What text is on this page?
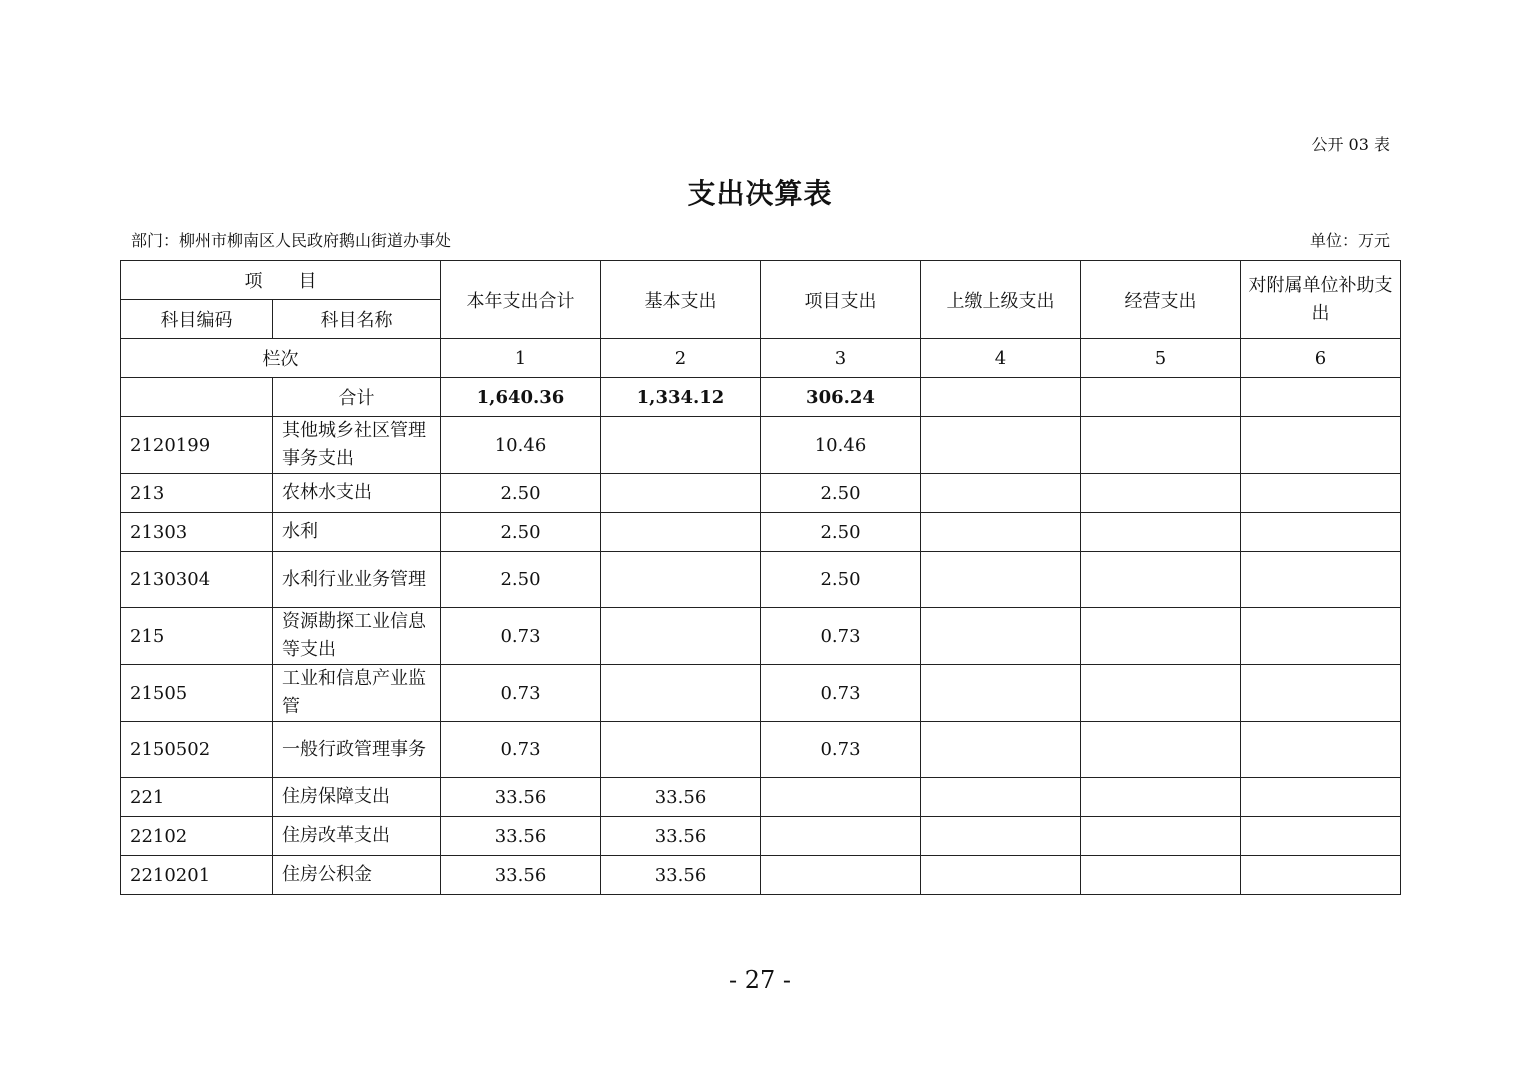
公开 03 表
支出决算表
部门：柳州市柳南区人民政府鹅山街道办事处	单位：万元
项　　目		本年支出合计	基本支出	项目支出	上缴上级支出	经营支出	对附属单位补助支出
科目编码	科目名称						
栏次		1	2	3	4	5	6
	合计	1,640.36	1,334.12	306.24			
2120199	其他城乡社区管理事务支出	10.46		10.46			
213	农林水支出	2.50		2.50			
21303	水利	2.50		2.50			
2130304	水利行业业务管理	2.50		2.50			
215	资源勘探工业信息等支出	0.73		0.73			
21505	工业和信息产业监管	0.73		0.73			
2150502	一般行政管理事务	0.73		0.73			
221	住房保障支出	33.56	33.56				
22102	住房改革支出	33.56	33.56				
2210201	住房公积金	33.56	33.56				
- 27 -
